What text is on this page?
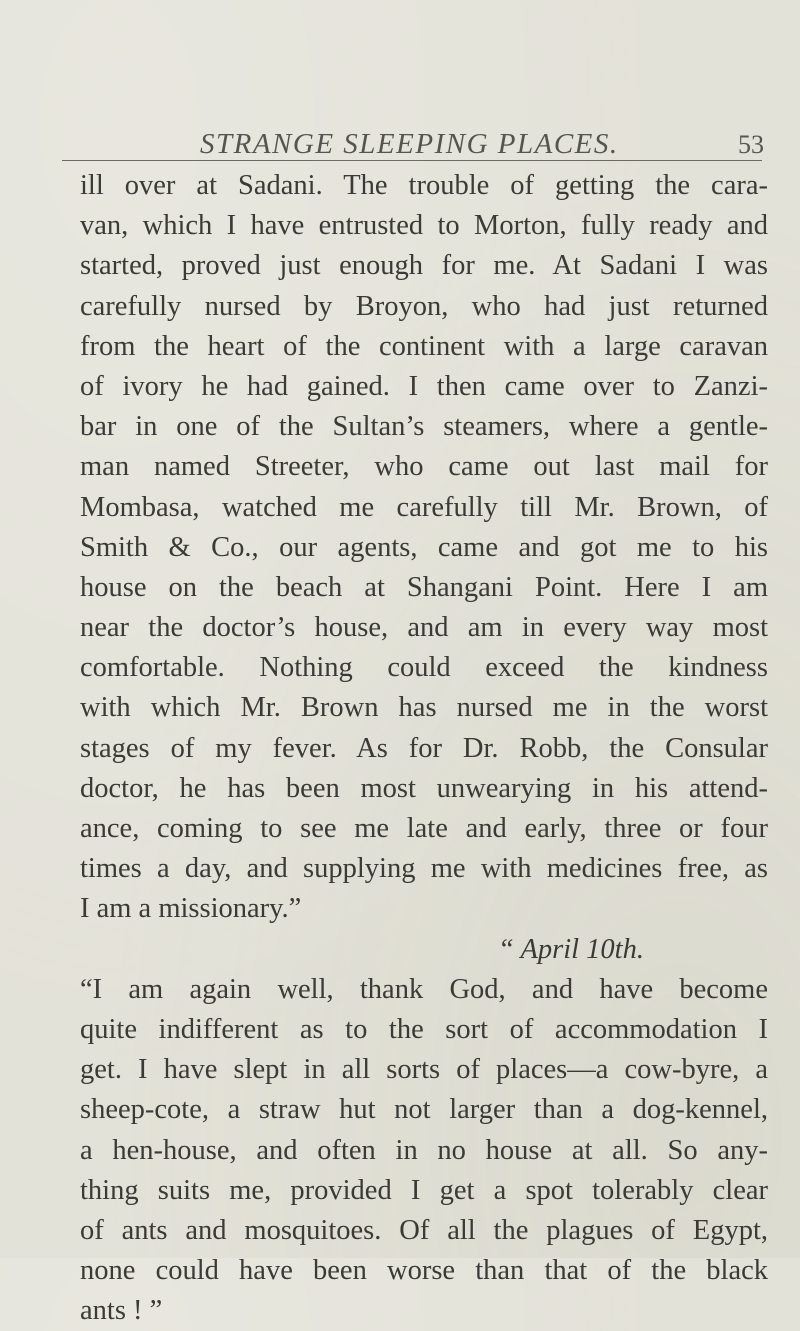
STRANGE SLEEPING PLACES.	53
ill over at Sadani. The trouble of getting the cara-
van, which I have entrusted to Morton, fully ready and
started, proved just enough for me. At Sadani I was
carefully nursed by Broyon, who had just returned
from the heart of the continent with a large caravan
of ivory he had gained. I then came over to Zanzi-
bar in one of the Sultan’s steamers, where a gentle-
man named Streeter, who came out last mail for
Mombasa, watched me carefully till Mr. Brown, of
Smith & Co., our agents, came and got me to his
house on the beach at Shangani Point. Here I am
near the doctor’s house, and am in every way most
comfortable. Nothing could exceed the kindness
with which Mr. Brown has nursed me in the worst
stages of my fever. As for Dr. Robb, the Consular
doctor, he has been most unwearying in his attend-
ance, coming to see me late and early, three or four
times a day, and supplying me with medicines free, as
I am a missionary.”
“ April 10th.
“I am again well, thank God, and have become
quite indifferent as to the sort of accommodation I
get. I have slept in all sorts of places—a cow-byre, a
sheep-cote, a straw hut not larger than a dog-kennel,
a hen-house, and often in no house at all. So any-
thing suits me, provided I get a spot tolerably clear
of ants and mosquitoes. Of all the plagues of Egypt,
none could have been worse than that of the black
ants ! ”
